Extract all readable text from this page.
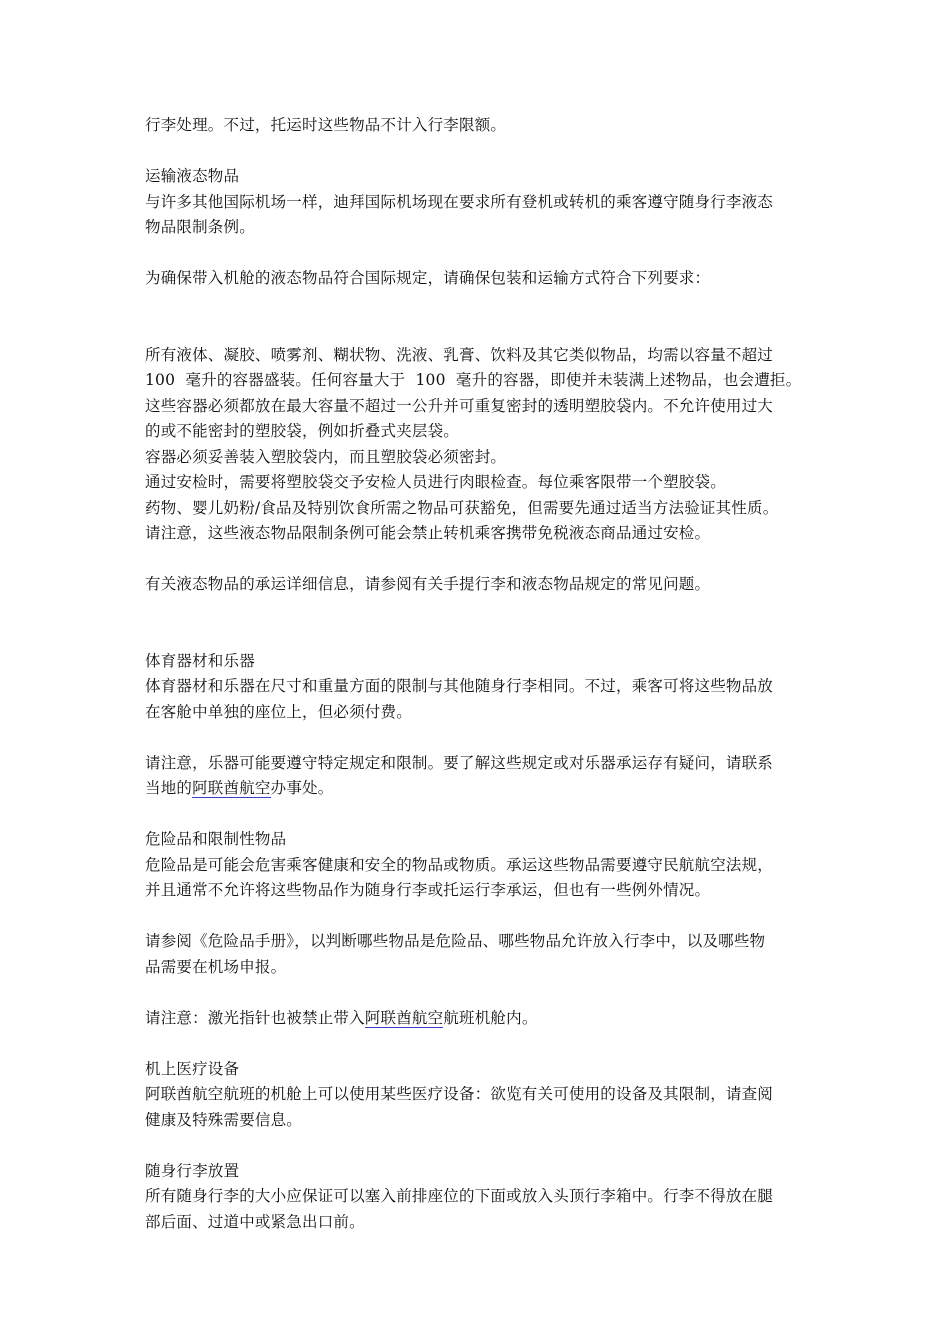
行李处理。不过，托运时这些物品不计入行李限额。
运输液态物品
与许多其他国际机场一样，迪拜国际机场现在要求所有登机或转机的乘客遵守随身行李液态
物品限制条例。
为确保带入机舱的液态物品符合国际规定，请确保包装和运输方式符合下列要求：
所有液体、凝胶、喷雾剂、糊状物、洗液、乳膏、饮料及其它类似物品，均需以容量不超过
100  毫升的容器盛装。任何容量大于  100  毫升的容器，即使并未装满上述物品，也会遭拒。
这些容器必须都放在最大容量不超过一公升并可重复密封的透明塑胶袋内。不允许使用过大
的或不能密封的塑胶袋，例如折叠式夹层袋。
容器必须妥善装入塑胶袋内，而且塑胶袋必须密封。
通过安检时，需要将塑胶袋交予安检人员进行肉眼检查。每位乘客限带一个塑胶袋。
药物、婴儿奶粉/食品及特别饮食所需之物品可获豁免，但需要先通过适当方法验证其性质。
请注意，这些液态物品限制条例可能会禁止转机乘客携带免税液态商品通过安检。
有关液态物品的承运详细信息，请参阅有关手提行李和液态物品规定的常见问题。
体育器材和乐器
体育器材和乐器在尺寸和重量方面的限制与其他随身行李相同。不过，乘客可将这些物品放
在客舱中单独的座位上，但必须付费。
请注意，乐器可能要遵守特定规定和限制。要了解这些规定或对乐器承运存有疑问，请联系
当地的阿联酋航空办事处。
危险品和限制性物品
危险品是可能会危害乘客健康和安全的物品或物质。承运这些物品需要遵守民航航空法规，
并且通常不允许将这些物品作为随身行李或托运行李承运，但也有一些例外情况。
请参阅《危险品手册》，以判断哪些物品是危险品、哪些物品允许放入行李中，以及哪些物
品需要在机场申报。
请注意：激光指针也被禁止带入阿联酋航空航班机舱内。
机上医疗设备
阿联酋航空航班的机舱上可以使用某些医疗设备：欲览有关可使用的设备及其限制，请查阅
健康及特殊需要信息。
随身行李放置
所有随身行李的大小应保证可以塞入前排座位的下面或放入头顶行李箱中。行李不得放在腿
部后面、过道中或紧急出口前。
